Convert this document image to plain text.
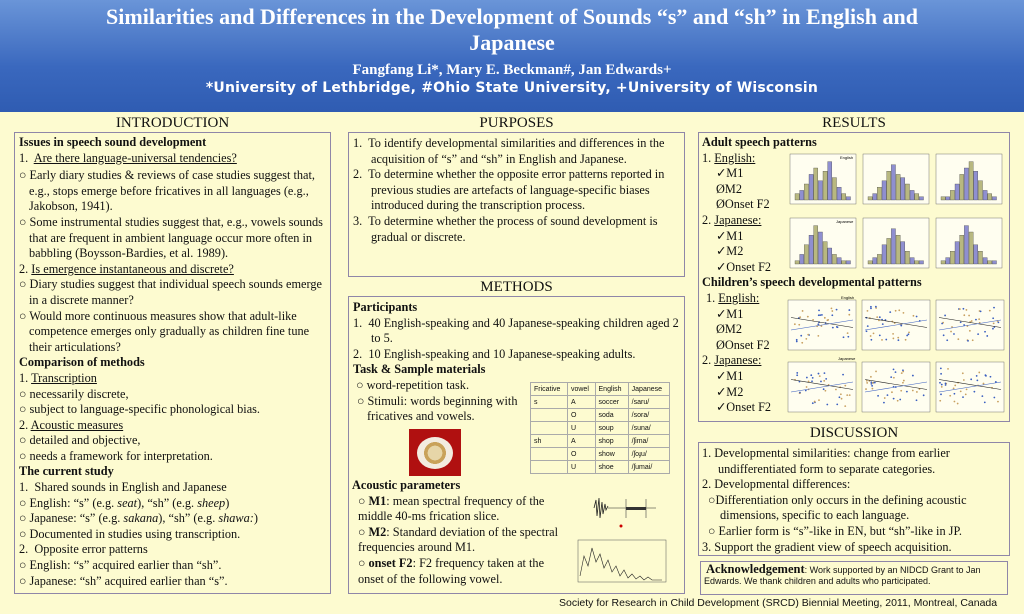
Similarities and Differences in the Development of Sounds “s” and “sh” in English and Japanese
Fangfang Li*, Mary E. Beckman#, Jan Edwards+
*University of Lethbridge, #Ohio State University, +University of Wisconsin
INTRODUCTION	PURPOSES
METHODS
RESULTS
DISCUSSION

Issues in speech sound development

1.  Are there language-universal tendencies?

○ Early diary studies & reviews of case studies suggest that, e.g., stops emerge before fricatives in all languages (e.g., Jakobson, 1941).

○ Some instrumental studies suggest that, e.g., vowels sounds that are frequent in ambient language occur more often in babbling (Boysson-Bardies, et al. 1989).

2. Is emergence instantaneous and discrete?

○ Diary studies suggest that individual speech sounds emerge in a discrete manner?

○ Would more continuous measures show that adult-like competence emerges only gradually as children fine tune their articulations?

Comparison of methods

1. Transcription

○ necessarily discrete,

○ subject to language-specific phonological bias.

2. Acoustic measures

○ detailed and objective,

○ needs a framework for interpretation.

The current study

1.  Shared sounds in English and Japanese

○ English: “s” (e.g. seat), “sh” (e.g. sheep)

○ Japanese: “s” (e.g. sakana), “sh” (e.g. shawa:)

○ Documented in studies using transcription.

2.  Opposite error patterns

○ English: “s” acquired earlier than “sh”.

○ Japanese: “sh” acquired earlier than “s”.

1.  To identify developmental similarities and differences in the acquisition of “s” and “sh” in English and Japanese.

2.  To determine whether the opposite error patterns reported in previous studies are artefacts of language-specific biases introduced during the transcription process.

3.  To determine whether the process of sound development is gradual or discrete.

Participants

1.  40 English-speaking and 40 Japanese-speaking children aged 2 to 5.

2.  10 English-speaking and 10 Japanese-speaking adults.

Task & Sample materials

○ word-repetition task.

○ Stimuli: words beginning with fricatives and vowels.

Fricative	vowel	English	Japanese
s	A	soccer	/saru/
	O	soda	/sora/
	U	soup	/suna/
sh	A	shop	/ʃima/
	O	show	/ʃoɟu/
	U	shoe	/ʃumai/

Acoustic parameters

○ M1: mean spectral frequency of the middle 40-ms frication slice.

○ M2: Standard deviation of the spectral frequencies around M1.

○ onset F2: F2 frequency taken at the onset of the following vowel.

Adult speech patterns

1. English:

✓M1

ØM2

ØOnset F2

2. Japanese:

✓M1

✓M2

✓Onset F2

Children’s speech developmental patterns

1. English:

✓M1

ØM2

ØOnset F2

2. Japanese:

✓M1

✓M2

✓Onset F2

English
Japanese
English
Japanese

1. Developmental similarities: change from earlier undifferentiated form to separate categories.

2. Developmental differences:

○Differentiation only occurs in the defining acoustic dimensions, specific to each language.

○ Earlier form is “s”-like in EN, but “sh”-like in JP.

3. Support the gradient view of speech acquisition.

Acknowledgement: Work supported by an NIDCD Grant to Jan Edwards. We thank children and adults who participated.
Society for Research in Child Development (SRCD) Biennial Meeting, 2011, Montreal, Canada
